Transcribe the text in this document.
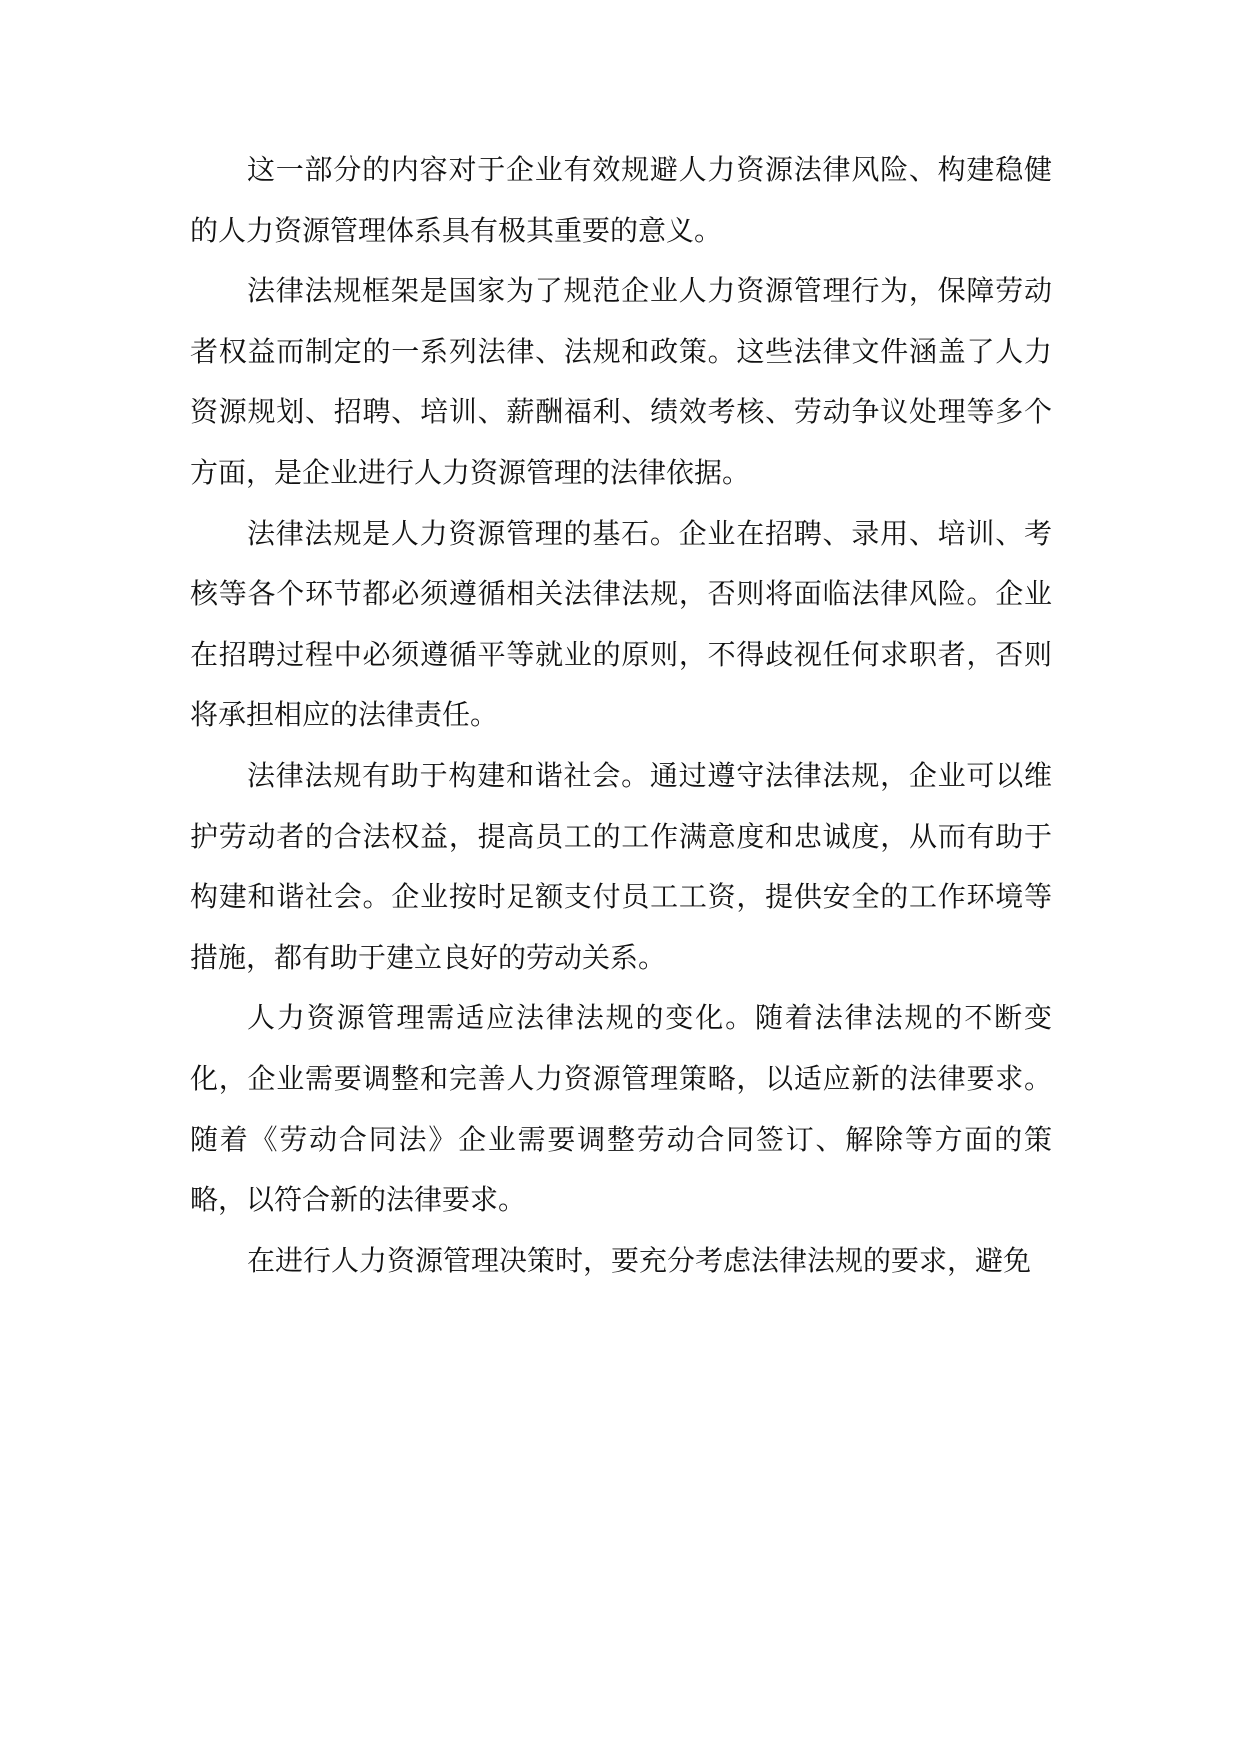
这一部分的内容对于企业有效规避人力资源法律风险、构建稳健的人力资源管理体系具有极其重要的意义。

法律法规框架是国家为了规范企业人力资源管理行为，保障劳动者权益而制定的一系列法律、法规和政策。这些法律文件涵盖了人力资源规划、招聘、培训、薪酬福利、绩效考核、劳动争议处理等多个方面，是企业进行人力资源管理的法律依据。

法律法规是人力资源管理的基石。企业在招聘、录用、培训、考核等各个环节都必须遵循相关法律法规，否则将面临法律风险。企业在招聘过程中必须遵循平等就业的原则，不得歧视任何求职者，否则将承担相应的法律责任。

法律法规有助于构建和谐社会。通过遵守法律法规，企业可以维护劳动者的合法权益，提高员工的工作满意度和忠诚度，从而有助于构建和谐社会。企业按时足额支付员工工资，提供安全的工作环境等措施，都有助于建立良好的劳动关系。

人力资源管理需适应法律法规的变化。随着法律法规的不断变化，企业需要调整和完善人力资源管理策略，以适应新的法律要求。随着《劳动合同法》企业需要调整劳动合同签订、解除等方面的策略，以符合新的法律要求。

在进行人力资源管理决策时，要充分考虑法律法规的要求，避免
